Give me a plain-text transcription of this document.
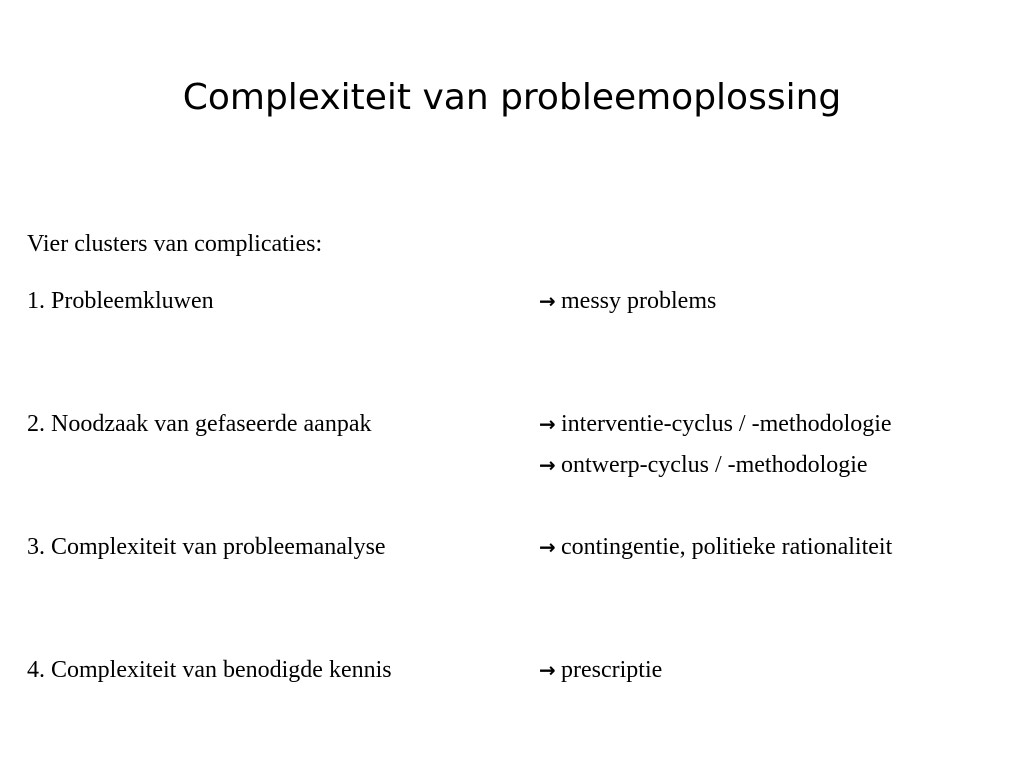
Complexiteit van probleemoplossing
Vier clusters van complicaties:
1. Probleemkluwen	→ messy problems
2. Noodzaak van gefaseerde aanpak	→ interventie-cyclus / -methodologie
→ ontwerp-cyclus / -methodologie
3. Complexiteit van probleemanalyse	→ contingentie, politieke rationaliteit
4. Complexiteit van benodigde kennis	→ prescriptie
